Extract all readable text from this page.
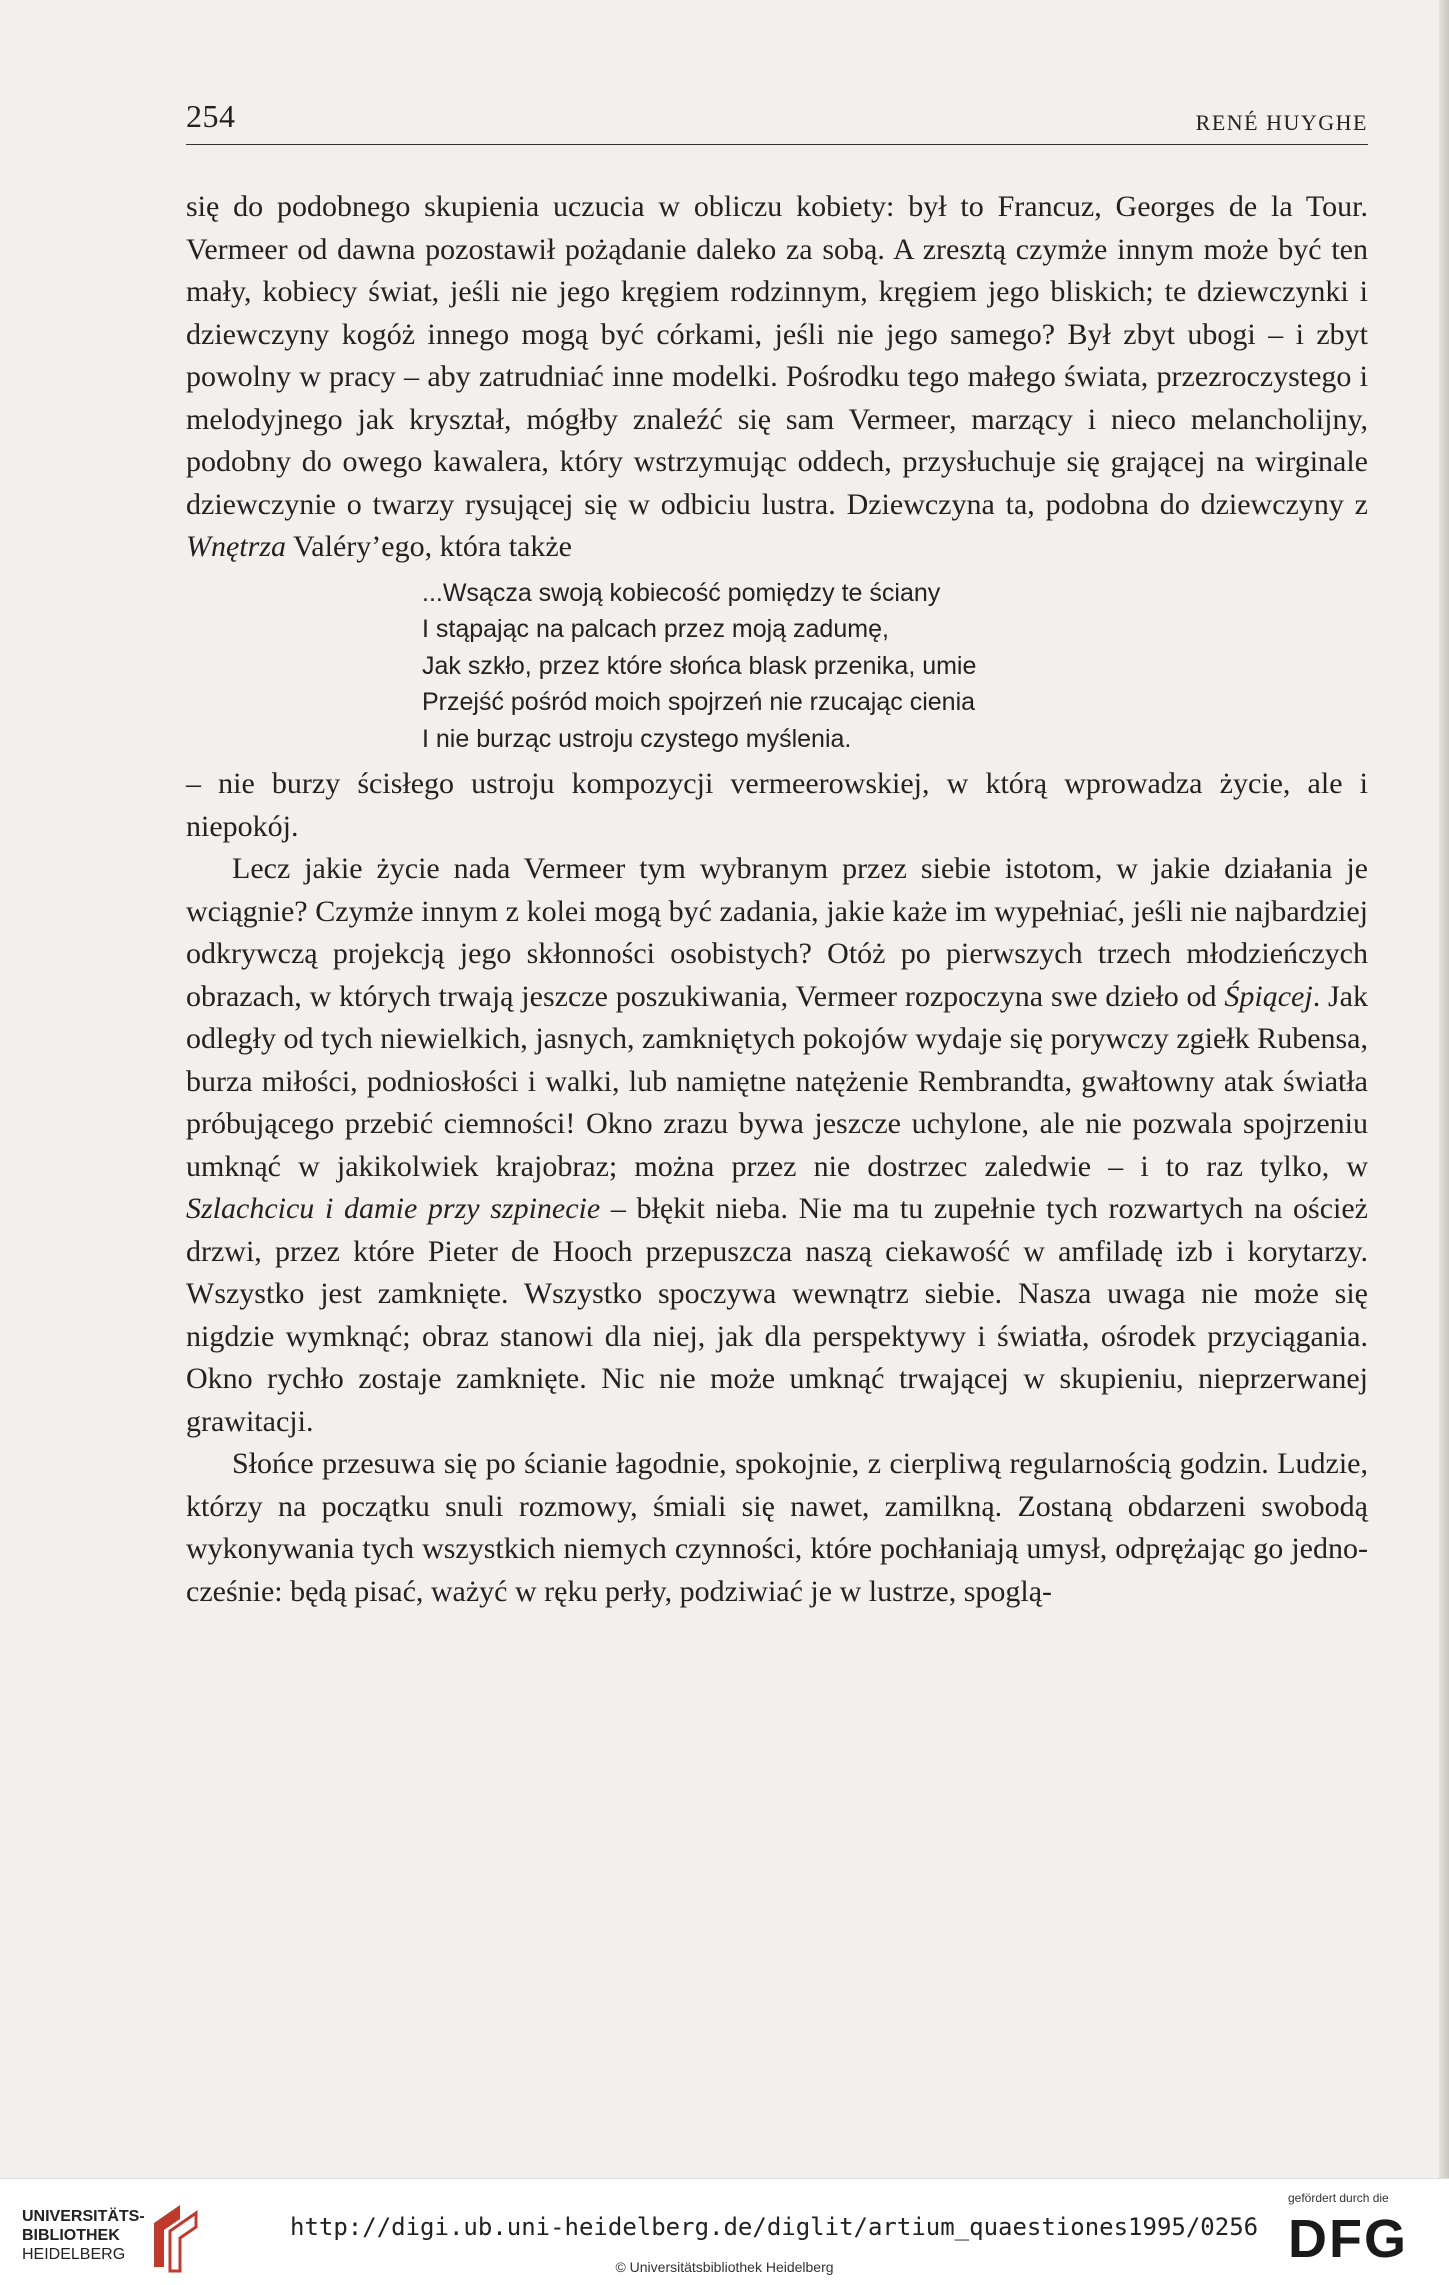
254	RENÉ HUYGHE

się do podobnego skupienia uczucia w obliczu kobiety: był to Francuz, Georges de la Tour. Vermeer od dawna pozostawił pożądanie daleko za sobą. A zresztą czymże innym może być ten mały, kobiecy świat, jeśli nie jego kręgiem rodzinnym, kręgiem jego bliskich; te dziewczynki i dziewczyny kogóż innego mogą być córkami, jeśli nie jego samego? Był zbyt ubogi – i zbyt powolny w pracy – aby zatrudniać inne modelki. Pośrodku tego małego świata, przezroczystego i melodyjnego jak kryształ, mógłby znaleźć się sam Vermeer, marzący i nieco melancholijny, podobny do owego kawalera, który wstrzymując oddech, przysłuchuje się grającej na wirginale dziewczynie o twarzy rysującej się w odbiciu lustra. Dziewczyna ta, podobna do dziewczyny z Wnętrza Valéry’ego, która także

...Wsącza swoją kobiecość pomiędzy te ściany
I stąpając na palcach przez moją zadumę,
Jak szkło, przez które słońca blask przenika, umie
Przejść pośród moich spojrzeń nie rzucając cienia
I nie burząc ustroju czystego myślenia.

– nie burzy ścisłego ustroju kompozycji vermeerowskiej, w którą wprowadza życie, ale i niepokój.

Lecz jakie życie nada Vermeer tym wybranym przez siebie istotom, w jakie działania je wciągnie? Czymże innym z kolei mogą być zadania, jakie każe im wypełniać, jeśli nie najbardziej odkrywczą projekcją jego skłonności osobistych? Otóż po pierwszych trzech młodzieńczych obrazach, w których trwają jeszcze poszukiwania, Vermeer rozpoczyna swe dzieło od Śpiącej. Jak odległy od tych niewielkich, jasnych, zamkniętych pokojów wydaje się porywczy zgiełk Rubensa, burza miłości, podniosłości i walki, lub namiętne natężenie Rembrandta, gwałtowny atak światła próbującego przebić ciemności! Okno zrazu bywa jeszcze uchylone, ale nie pozwala spojrzeniu umknąć w jakikolwiek krajobraz; można przez nie dostrzec zaledwie – i to raz tylko, w Szlachcicu i damie przy szpinecie – błękit nieba. Nie ma tu zupełnie tych rozwartych na oścież drzwi, przez które Pieter de Hooch przepuszcza naszą ciekawość w amfiladę izb i korytarzy. Wszystko jest zamknięte. Wszystko spoczywa wewnątrz siebie. Nasza uwaga nie może się nigdzie wymknąć; obraz stanowi dla niej, jak dla perspektywy i światła, ośrodek przyciągania. Okno rychło zostaje zamknięte. Nic nie może umknąć trwającej w skupieniu, nieprzerwanej grawitacji.

Słońce przesuwa się po ścianie łagodnie, spokojnie, z cierpliwą regularnością godzin. Ludzie, którzy na początku snuli rozmowy, śmiali się nawet, zamilkną. Zostaną obdarzeni swobodą wykonywania tych wszystkich niemych czynności, które pochłaniają umysł, odprężając go jednocześnie: będą pisać, ważyć w ręku perły, podziwiać je w lustrze, spoglą-

UNIVERSITÄTS-
BIBLIOTHEK
HEIDELBERG
http://digi.ub.uni-heidelberg.de/diglit/artium_quaestiones1995/0256
© Universitätsbibliothek Heidelberg
gefördert durch die
DFG
